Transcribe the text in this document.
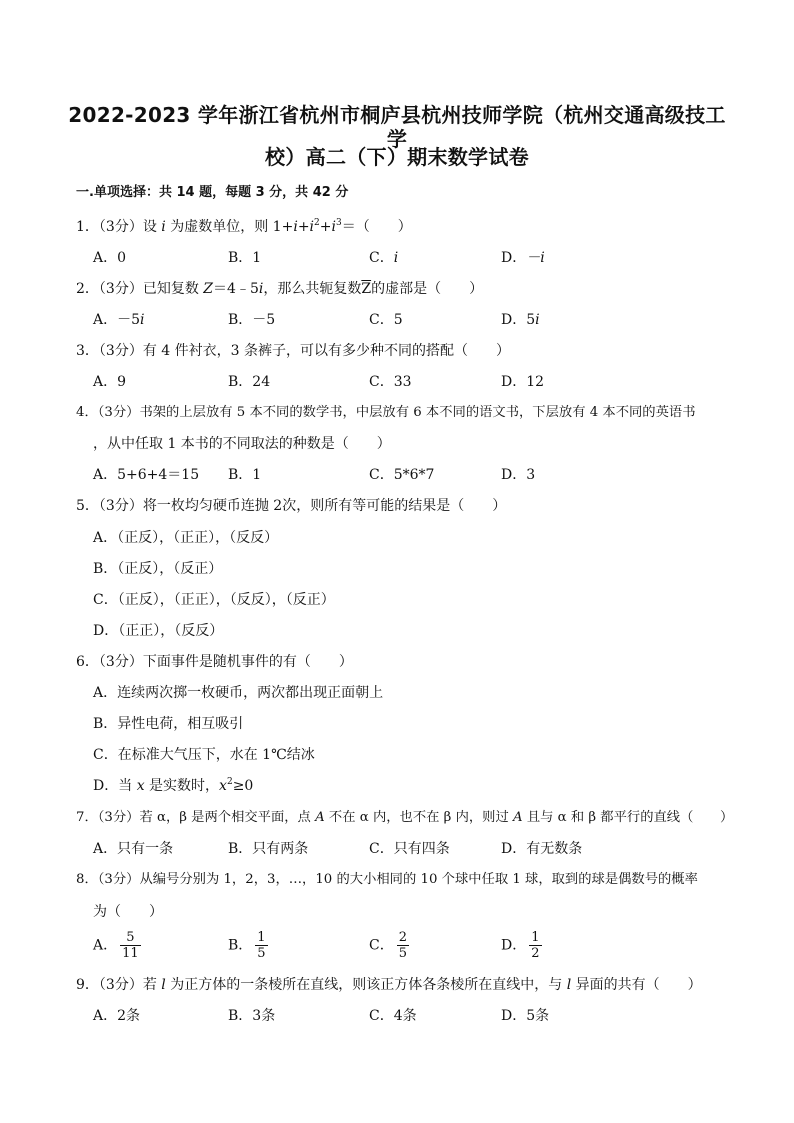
2022-2023 学年浙江省杭州市桐庐县杭州技师学院（杭州交通高级技工学
校）高二（下）期末数学试卷
一.单项选择：共 14 题，每题 3 分，共 42 分
1．（3分）设 i 为虚数单位，则 $1+i+i^2+i^3=$（　　）
A．0	B．1	C．i	D．－i
2．（3分）已知复数 Z＝4﹣5i，那么共轭复数$\overline{Z}$的虚部是（　　）
A．－5i	B．－5	C．5	D．5i
3．（3分）有 4 件衬衣，3 条裤子，可以有多少种不同的搭配（　　）
A．9	B．24	C．33	D．12
4．（3分）书架的上层放有 5 本不同的数学书，中层放有 6 本不同的语文书，下层放有 4 本不同的英语书
，从中任取 1 本书的不同取法的种数是（　　）
A．5+6+4＝15 B．1	C．5*6*7	D．3
5．（3分）将一枚均匀硬币连抛 2次，则所有等可能的结果是（　　）
A．（正反），（正正），（反反）
B．（正反），（反正）
C．（正反），（正正），（反反），（反正）
D．（正正），（反反）
6．（3分）下面事件是随机事件的有（　　）
A．连续两次掷一枚硬币，两次都出现正面朝上
B．异性电荷，相互吸引
C．在标准大气压下，水在 1℃结冰
D．当 x 是实数时，$x^2\ge 0$
7．（3分）若 α，β 是两个相交平面，点 A 不在 α 内，也不在 β 内，则过 A 且与 α 和 β 都平行的直线（　　）
A．只有一条	B．只有两条	C．只有四条	D．有无数条
8．（3分）从编号分别为 1，2，3，…，10 的大小相同的 10 个球中任取 1 球，取到的球是偶数号的概率
为（　　）
A． $\frac{5}{11}$	B． $\frac{1}{5}$	C． $\frac{2}{5}$	D． $\frac{1}{2}$
9．（3分）若 l 为正方体的一条棱所在直线，则该正方体各条棱所在直线中，与 l 异面的共有（　　）
A．2条	B．3条	C．4条	D．5条
